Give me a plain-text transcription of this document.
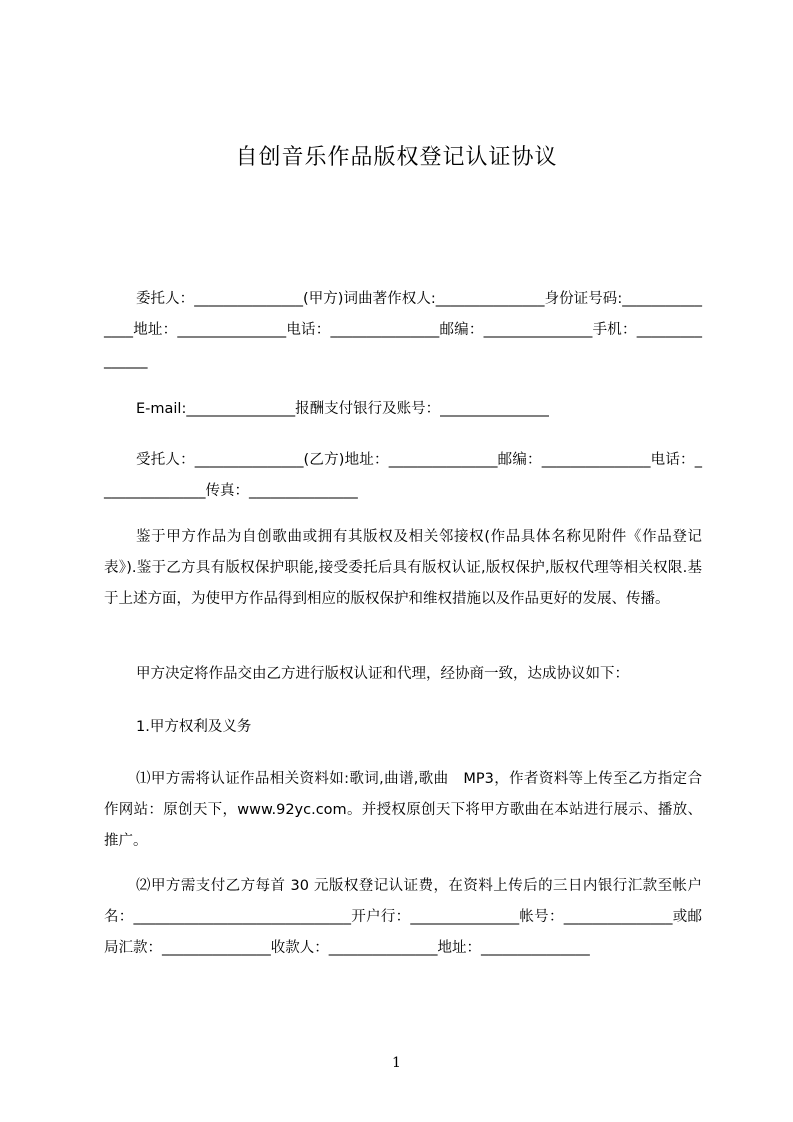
自创音乐作品版权登记认证协议

委托人：_______________(甲方)词曲著作权人:_______________身份证号码:_______________地址：_______________电话：_______________邮编：_______________手机：_______________

E-mail:_______________报酬支付银行及账号：_______________

受托人：_______________(乙方)地址：_______________邮编：_______________电话：_______________传真：_______________

鉴于甲方作品为自创歌曲或拥有其版权及相关邻接权(作品具体名称见附件《作品登记表》).鉴于乙方具有版权保护职能,接受委托后具有版权认证,版权保护,版权代理等相关权限.基于上述方面，为使甲方作品得到相应的版权保护和维权措施以及作品更好的发展、传播。

甲方决定将作品交由乙方进行版权认证和代理，经协商一致，达成协议如下：

1.甲方权利及义务

⑴甲方需将认证作品相关资料如:歌词,曲谱,歌曲　MP3，作者资料等上传至乙方指定合作网站：原创天下，www.92yc.com。并授权原创天下将甲方歌曲在本站进行展示、播放、推广。

⑵甲方需支付乙方每首 30 元版权登记认证费，在资料上传后的三日内银行汇款至帐户名：______________________________开户行：_______________帐号：_______________或邮局汇款：_______________收款人：_______________地址：_______________

1
